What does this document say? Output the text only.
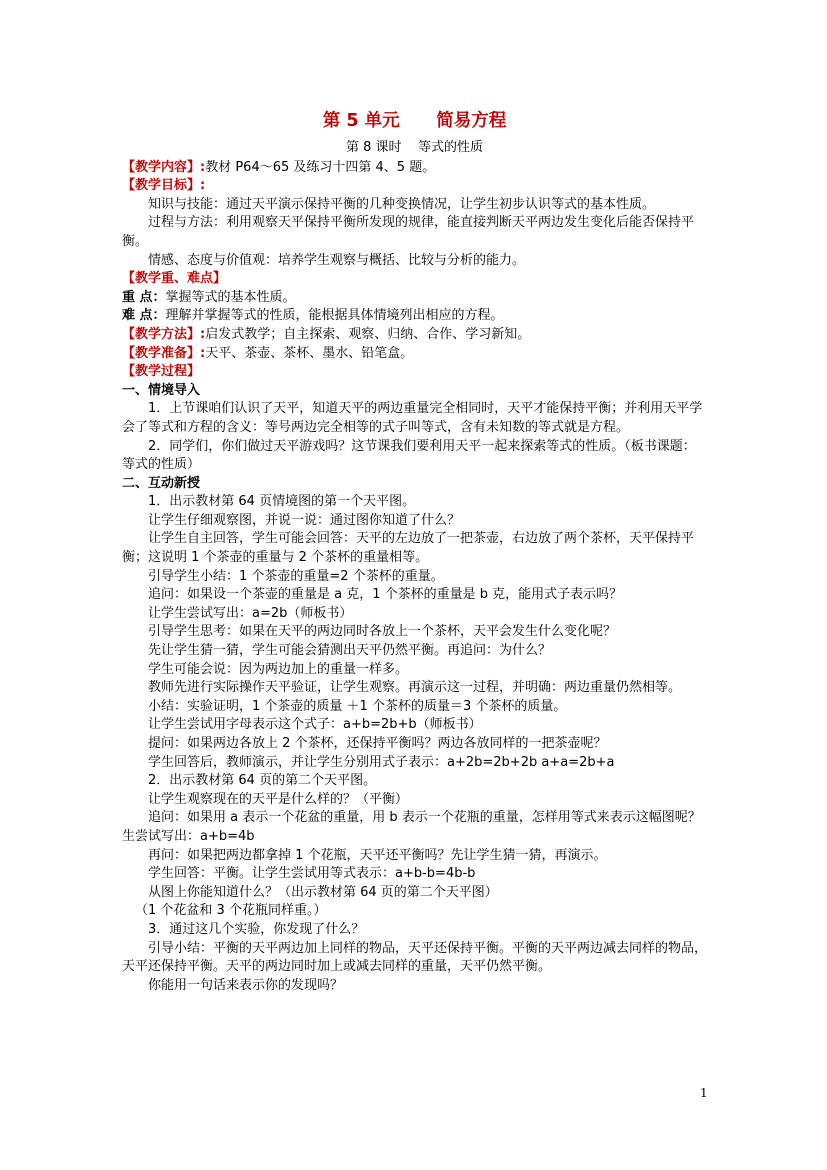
第 5 单元      简易方程
第 8 课时    等式的性质

【教学内容】:教材 P64～65 及练习十四第 4、5 题。

【教学目标】:

知识与技能：通过天平演示保持平衡的几种变换情况，让学生初步认识等式的基本性质。

过程与方法：利用观察天平保持平衡所发现的规律，能直接判断天平两边发生变化后能否保持平衡。

情感、态度与价值观：培养学生观察与概括、比较与分析的能力。

【教学重、难点】

重 点：掌握等式的基本性质。

难 点：理解并掌握等式的性质，能根据具体情境列出相应的方程。

【教学方法】:启发式教学；自主探索、观察、归纳、合作、学习新知。

【教学准备】:天平、茶壶、茶杯、墨水、铅笔盒。

【教学过程】

一、情境导入

1．上节课咱们认识了天平，知道天平的两边重量完全相同时，天平才能保持平衡；并利用天平学会了等式和方程的含义：等号两边完全相等的式子叫等式，含有未知数的等式就是方程。

2．同学们，你们做过天平游戏吗？这节课我们要利用天平一起来探索等式的性质。（板书课题：等式的性质）

二、互动新授

1．出示教材第 64 页情境图的第一个天平图。

让学生仔细观察图，并说一说：通过图你知道了什么？

让学生自主回答，学生可能会回答：天平的左边放了一把茶壶，右边放了两个茶杯，天平保持平衡；这说明 1 个茶壶的重量与 2 个茶杯的重量相等。

引导学生小结：1 个茶壶的重量=2 个茶杯的重量。

追问：如果设一个茶壶的重量是 a 克，1 个茶杯的重量是 b 克，能用式子表示吗？

让学生尝试写出：a=2b（师板书）

引导学生思考：如果在天平的两边同时各放上一个茶杯，天平会发生什么变化呢？

先让学生猜一猜，学生可能会猜测出天平仍然平衡。再追问：为什么？

学生可能会说：因为两边加上的重量一样多。

教师先进行实际操作天平验证，让学生观察。再演示这一过程，并明确：两边重量仍然相等。

小结：实验证明，1 个茶壶的质量 ＋1 个茶杯的质量＝3 个茶杯的质量。

让学生尝试用字母表示这个式子：a+b=2b+b（师板书）

提问：如果两边各放上 2 个茶杯，还保持平衡吗？两边各放同样的一把茶壶呢？

学生回答后，教师演示，并让学生分别用式子表示：a+2b=2b+2b a+a=2b+a

2．出示教材第 64 页的第二个天平图。

让学生观察现在的天平是什么样的？（平衡）

追问：如果用 a 表示一个花盆的重量，用 b 表示一个花瓶的重量，怎样用等式来表示这幅图呢？生尝试写出：a+b=4b

再问：如果把两边都拿掉 1 个花瓶，天平还平衡吗？先让学生猜一猜，再演示。

学生回答：平衡。让学生尝试用等式表示：a+b-b=4b-b

从图上你能知道什么？（出示教材第 64 页的第二个天平图）

（1 个花盆和 3 个花瓶同样重。）

3．通过这几个实验，你发现了什么？

引导小结：平衡的天平两边加上同样的物品，天平还保持平衡。平衡的天平两边减去同样的物品，天平还保持平衡。天平的两边同时加上或减去同样的重量，天平仍然平衡。

你能用一句话来表示你的发现吗？

1
